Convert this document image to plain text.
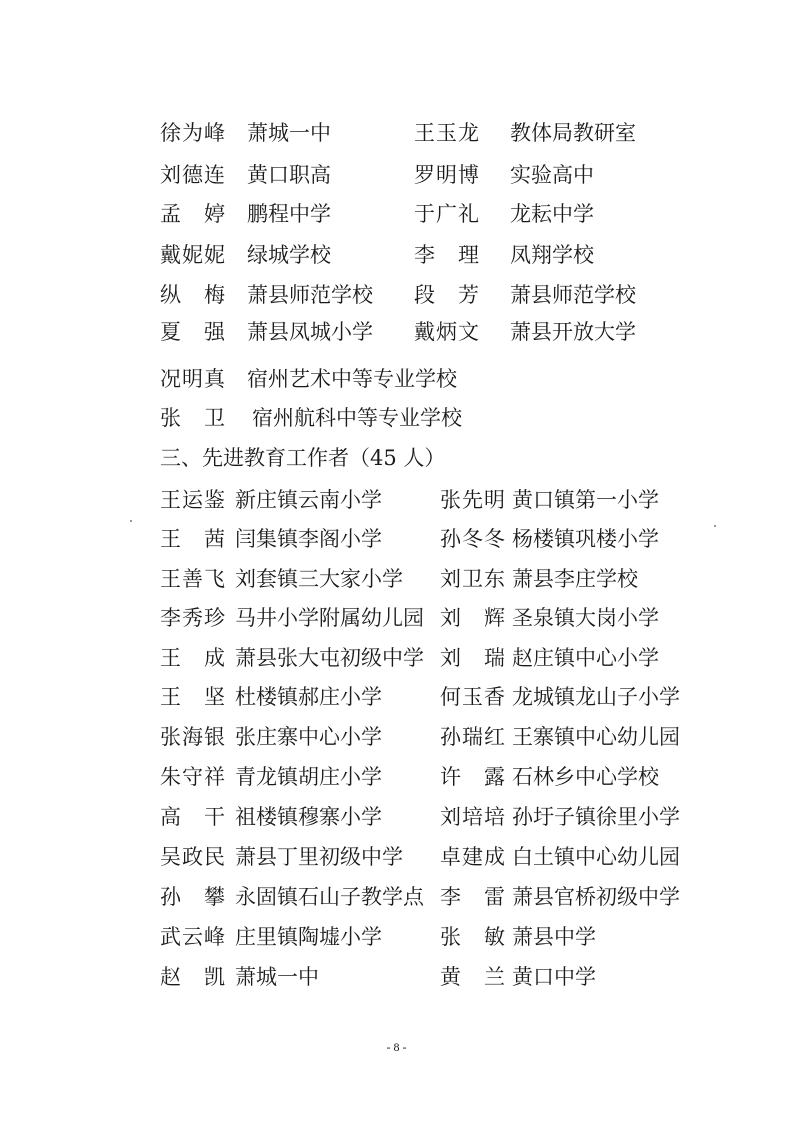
徐为峰 萧城一中	王玉龙 教体局教研室
刘德连 黄口职高	罗明博 实验高中
孟　婷 鹏程中学	于广礼 龙耘中学
戴妮妮 绿城学校	李　理 凤翔学校
纵　梅 萧县师范学校 段　芳 萧县师范学校
夏　强 萧县凤城小学 戴炳文 萧县开放大学
况明真 宿州艺术中等专业学校
张　卫 宿州航科中等专业学校
三、先进教育工作者（45 人）
王运鉴 新庄镇云南小学	张先明 黄口镇第一小学
王　茜 闫集镇李阁小学	孙冬冬 杨楼镇巩楼小学
王善飞 刘套镇三大家小学 刘卫东 萧县李庄学校
李秀珍 马井小学附属幼儿园 刘　辉 圣泉镇大岗小学
王　成 萧县张大屯初级中学 刘　瑞 赵庄镇中心小学
王　坚 杜楼镇郝庄小学	何玉香 龙城镇龙山子小学
张海银 张庄寨中心小学	孙瑞红 王寨镇中心幼儿园
朱守祥 青龙镇胡庄小学	许　露 石林乡中心学校
高　干 祖楼镇穆寨小学	刘培培 孙圩子镇徐里小学
吴政民 萧县丁里初级中学 卓建成 白土镇中心幼儿园
孙　攀 永固镇石山子教学点 李　雷 萧县官桥初级中学
武云峰 庄里镇陶墟小学	张　敏 萧县中学
赵　凯 萧城一中	黄　兰 黄口中学
- 8 -
